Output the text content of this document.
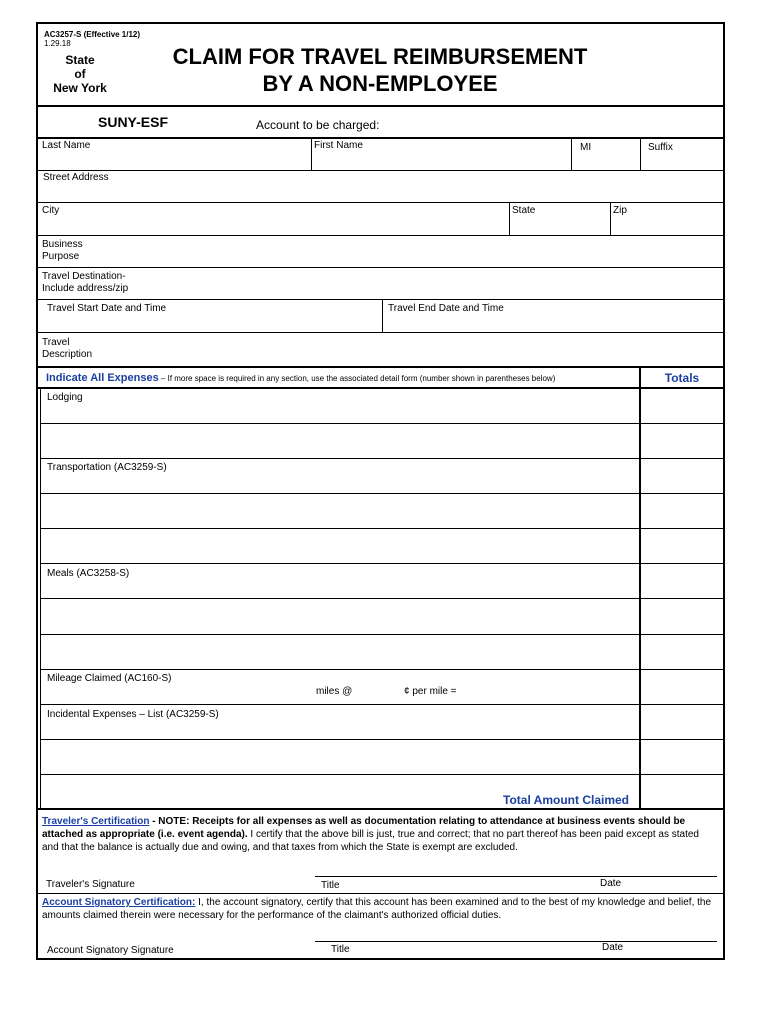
AC3257-S (Effective 1/12)
1.29.18
State
of
New York
CLAIM FOR TRAVEL REIMBURSEMENT
BY A NON-EMPLOYEE
SUNY-ESF	Account to be charged:
Last Name	First Name	MI	Suffix
Street Address
City	State	Zip
Business
Purpose
Travel Destination-
Include address/zip
Travel Start Date and Time	Travel End Date and Time
Travel
Description
Indicate All Expenses – If more space is required in any section, use the associated detail form (number shown in parentheses below)	Totals
Lodging
Transportation (AC3259-S)
Meals (AC3258-S)
Mileage Claimed (AC160-S)
miles @	¢ per mile =
Incidental Expenses – List (AC3259-S)
Total Amount Claimed
Traveler's Certification - NOTE: Receipts for all expenses as well as documentation relating to attendance at business events should be attached as appropriate (i.e. event agenda). I certify that the above bill is just, true and correct; that no part thereof has been paid except as stated and that the balance is actually due and owing, and that taxes from which the State is exempt are excluded.
Traveler's Signature	Title	Date
Account Signatory Certification: I, the account signatory, certify that this account has been examined and to the best of my knowledge and belief, the amounts claimed therein were necessary for the performance of the claimant's authorized official duties.
Account Signatory Signature	Title	Date
